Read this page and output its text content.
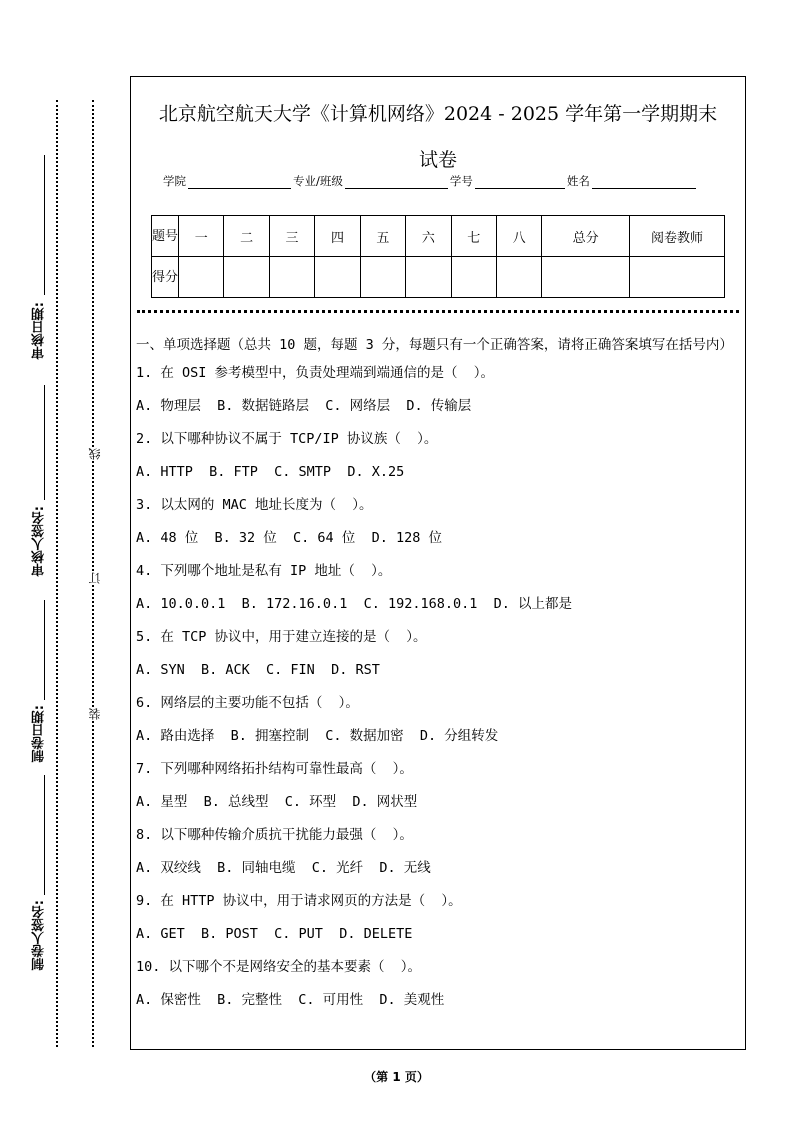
审核日期:
审核人签名:
制卷人签名:
制卷日期:
线
订
装
北京航空航天大学《计算机网络》2024 - 2025 学年第一学期期末
试卷
学院	专业/班级	学号	姓名
题号	一	二	三	四	五	六	七	八	总分	阅卷教师
得分										
一、单项选择题（总共 10 题，每题 3 分，每题只有一个正确答案，请将正确答案填写在括号内）
1. 在 OSI 参考模型中，负责处理端到端通信的是（  ）。
A. 物理层  B. 数据链路层  C. 网络层  D. 传输层
2. 以下哪种协议不属于 TCP/IP 协议族（  ）。
A. HTTP  B. FTP  C. SMTP  D. X.25
3. 以太网的 MAC 地址长度为（  ）。
A. 48 位  B. 32 位  C. 64 位  D. 128 位
4. 下列哪个地址是私有 IP 地址（  ）。
A. 10.0.0.1  B. 172.16.0.1  C. 192.168.0.1  D. 以上都是
5. 在 TCP 协议中，用于建立连接的是（  ）。
A. SYN  B. ACK  C. FIN  D. RST
6. 网络层的主要功能不包括（  ）。
A. 路由选择  B. 拥塞控制  C. 数据加密  D. 分组转发
7. 下列哪种网络拓扑结构可靠性最高（  ）。
A. 星型  B. 总线型  C. 环型  D. 网状型
8. 以下哪种传输介质抗干扰能力最强（  ）。
A. 双绞线  B. 同轴电缆  C. 光纤  D. 无线
9. 在 HTTP 协议中，用于请求网页的方法是（  ）。
A. GET  B. POST  C. PUT  D. DELETE
10. 以下哪个不是网络安全的基本要素（  ）。
A. 保密性  B. 完整性  C. 可用性  D. 美观性
（第 1 页）
